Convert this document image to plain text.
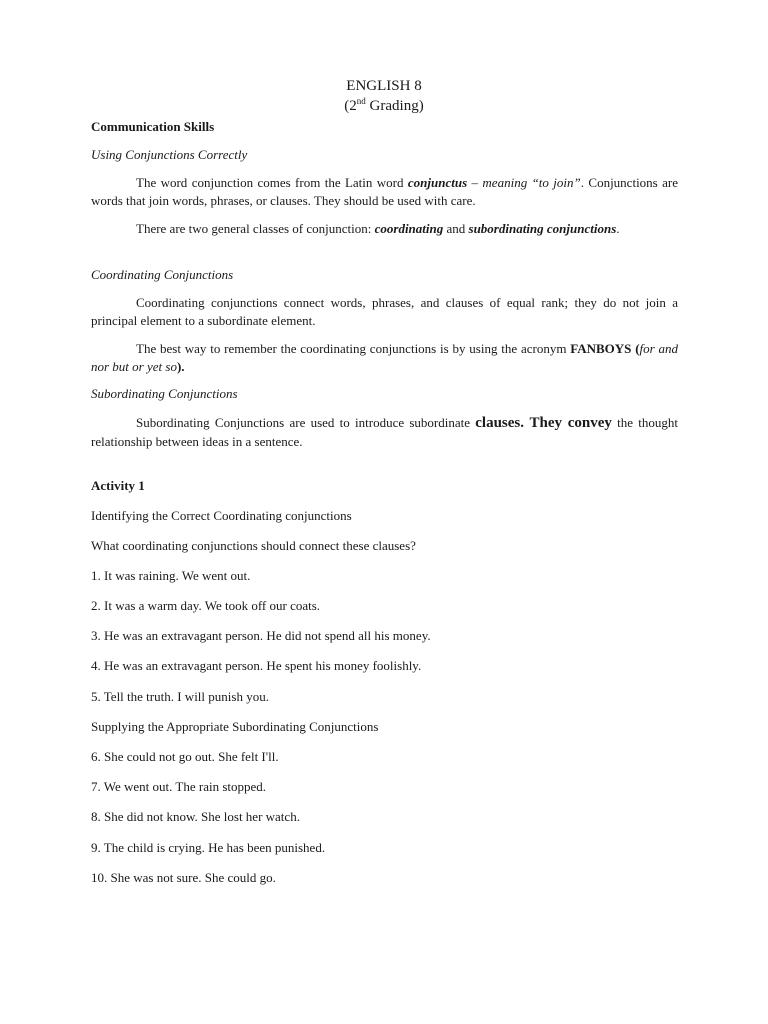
ENGLISH 8
(2nd Grading)
Communication Skills
Using Conjunctions Correctly
The word conjunction comes from the Latin word conjunctus – meaning “to join”. Conjunctions are words that join words, phrases, or clauses. They should be used with care.
There are two general classes of conjunction: coordinating and subordinating conjunctions.
Coordinating Conjunctions
Coordinating conjunctions connect words, phrases, and clauses of equal rank; they do not join a principal element to a subordinate element.
The best way to remember the coordinating conjunctions is by using the acronym FANBOYS (for and nor but or yet so).
Subordinating Conjunctions
Subordinating Conjunctions are used to introduce subordinate clauses. They convey the thought relationship between ideas in a sentence.
Activity 1
Identifying the Correct Coordinating conjunctions
What coordinating conjunctions should connect these clauses?
1. It was raining. We went out.
2. It was a warm day. We took off our coats.
3. He was an extravagant person. He did not spend all his money.
4. He was an extravagant person. He spent his money foolishly.
5. Tell the truth. I will punish you.
Supplying the Appropriate Subordinating Conjunctions
6. She could not go out. She felt I'll.
7. We went out. The rain stopped.
8. She did not know. She lost her watch.
9. The child is crying. He has been punished.
10. She was not sure. She could go.
